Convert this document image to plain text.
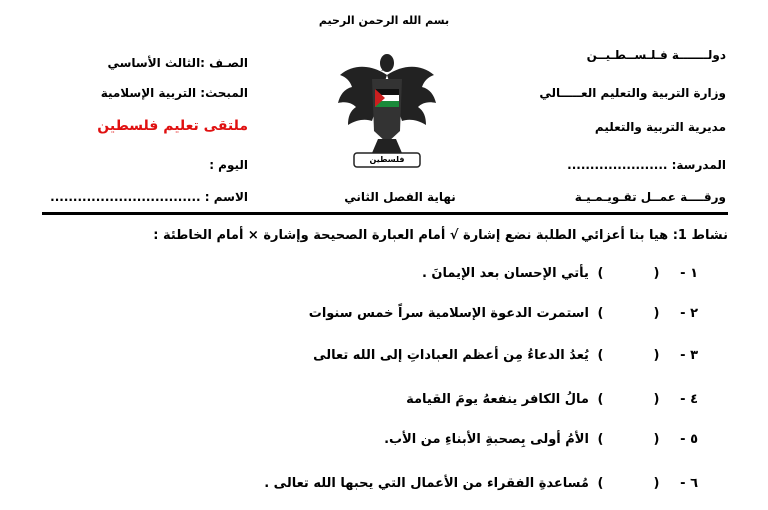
بسم الله الرحمن الرحيم
دولـــــــة فـلـســطـيــن
وزارة التربية والتعليم العـــــالي
مديرية التربية والتعليم
المدرسة: ......................
ورقــــة عمــل تقـويـمـيـة
الصـف :الثالث الأساسي
المبحث: التربية الإسلامية
ملتقى تعليم فلسطين
اليوم :
الاسم : .................................
فلسطين
نهاية الفصل الثاني
نشاط 1: هيا بنا أعزائي الطلبة نضع إشارة √ أمام العبارة الصحيحة وإشارة × أمام الخاطئة :
١ - () يأتي الإحسان بعد الإيمانَ .
٢ - () استمرت الدعوة الإسلامية سراً خمس سنوات
٣ - () يُعدُ الدعاءُ مِن أعظم العباداتِ إلى الله تعالى
٤ - () مالُ الكافر ينفعهُ يومَ القيامة
٥ - () الأمُ أولى بِصحبةِ الأبناءِ من الأب.
٦ - () مُساعدةِ الفقراء من الأعمال التي يحبها الله تعالى .
